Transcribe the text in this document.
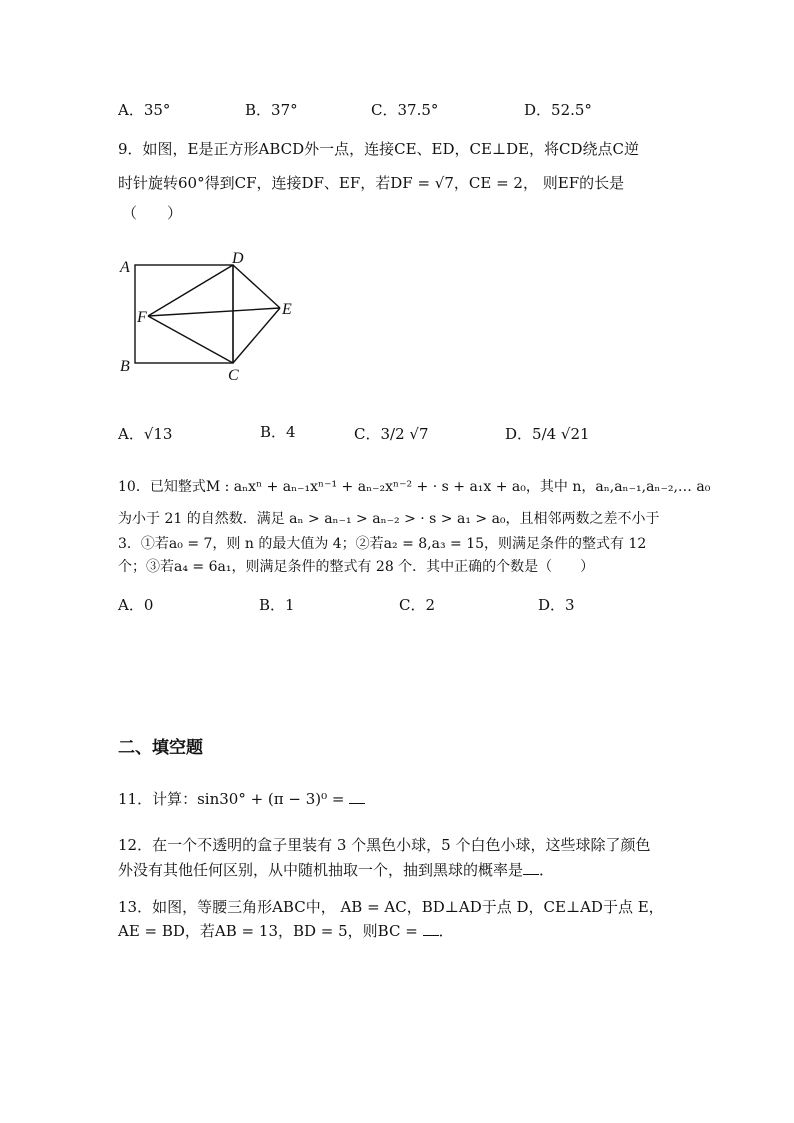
A．35°	B．37°	C．37.5°	D．52.5°
9．如图，E是正方形ABCD外一点，连接CE、ED，CE⊥DE，将CD绕点C逆
时针旋转60°得到CF，连接DF、EF，若DF = √7，CE = 2， 则EF的长是
（　　）
A
D
F	E
B
C
A．√13	B．4	C．3/2 √7	D．5/4 √21
10．已知整式M : aₙxⁿ + aₙ₋₁xⁿ⁻¹ + aₙ₋₂xⁿ⁻² + · s + a₁x + a₀，其中 n，aₙ,aₙ₋₁,aₙ₋₂,… a₀
为小于 21 的自然数．满足 aₙ > aₙ₋₁ > aₙ₋₂ > · s > a₁ > a₀，且相邻两数之差不小于
3．①若a₀ = 7，则 n 的最大值为 4；②若a₂ = 8,a₃ = 15，则满足条件的整式有 12
个；③若a₄ = 6a₁，则满足条件的整式有 28 个．其中正确的个数是（　　）
A．0	B．1	C．2	D．3
二、填空题
11．计算：sin30° + (π − 3)⁰ =
12．在一个不透明的盒子里装有 3 个黑色小球，5 个白色小球，这些球除了颜色
外没有其他任何区别，从中随机抽取一个，抽到黑球的概率是 ．
13．如图，等腰三角形ABC中， AB = AC，BD⊥AD于点 D，CE⊥AD于点 E，
AE = BD，若AB = 13，BD = 5，则BC = ．
